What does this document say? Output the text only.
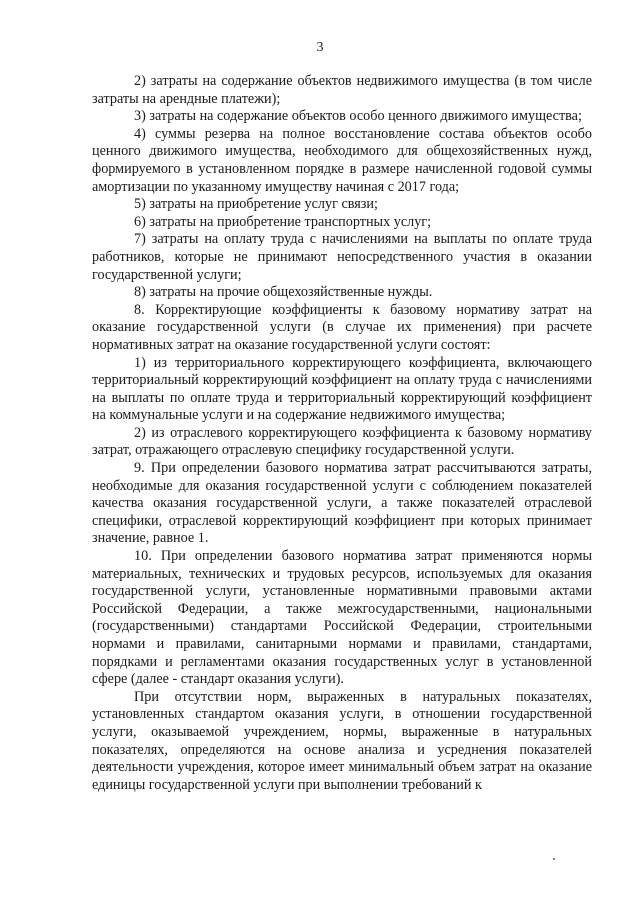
3

2) затраты на содержание объектов недвижимого имущества (в том числе затраты на арендные платежи);

3) затраты на содержание объектов особо ценного движимого имущества;

4) суммы резерва на полное восстановление состава объектов особо ценного движимого имущества, необходимого для общехозяйственных нужд, формируемого в установленном порядке в размере начисленной годовой суммы амортизации по указанному имуществу начиная с 2017 года;

5) затраты на приобретение услуг связи;

6) затраты на приобретение транспортных услуг;

7) затраты на оплату труда с начислениями на выплаты по оплате труда работников, которые не принимают непосредственного участия в оказании государственной услуги;

8) затраты на прочие общехозяйственные нужды.

8. Корректирующие коэффициенты к базовому нормативу затрат на оказание государственной услуги (в случае их применения) при расчете нормативных затрат на оказание государственной услуги состоят:

1) из территориального корректирующего коэффициента, включающего территориальный корректирующий коэффициент на оплату труда с начислениями на выплаты по оплате труда и территориальный корректирующий коэффициент на коммунальные услуги и на содержание недвижимого имущества;

2) из отраслевого корректирующего коэффициента к базовому нормативу затрат, отражающего отраслевую специфику государственной услуги.

9. При определении базового норматива затрат рассчитываются затраты, необходимые для оказания государственной услуги с соблюдением показателей качества оказания государственной услуги, а также показателей отраслевой специфики, отраслевой корректирующий коэффициент при которых принимает значение, равное 1.

10. При определении базового норматива затрат применяются нормы материальных, технических и трудовых ресурсов, используемых для оказания государственной услуги, установленные нормативными правовыми актами Российской Федерации, а также межгосударственными, национальными (государственными) стандартами Российской Федерации, строительными нормами и правилами, санитарными нормами и правилами, стандартами, порядками и регламентами оказания государственных услуг в установленной сфере (далее - стандарт оказания услуги).

При отсутствии норм, выраженных в натуральных показателях, установленных стандартом оказания услуги, в отношении государственной услуги, оказываемой учреждением, нормы, выраженные в натуральных показателях, определяются на основе анализа и усреднения показателей деятельности учреждения, которое имеет минимальный объем затрат на оказание единицы государственной услуги при выполнении требований к
